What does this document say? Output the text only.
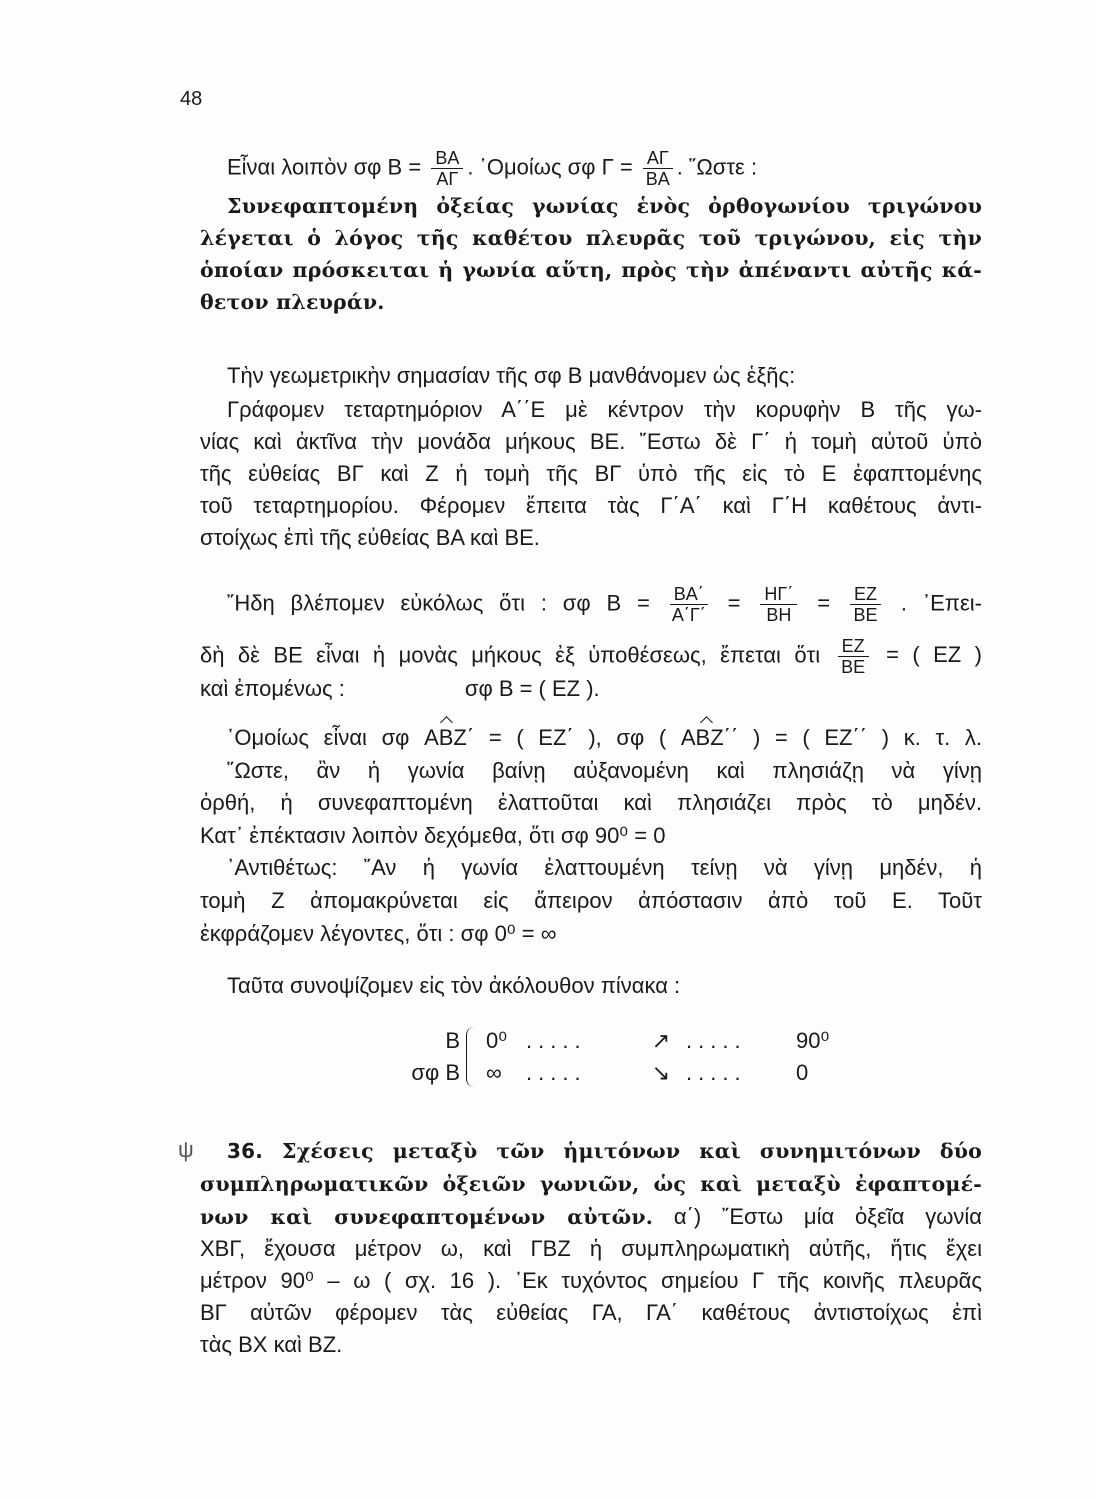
48
Εἶναι λοιπὸν σφ $B = \frac{BA}{A\Gamma}$ . ῾Ομοίως σφ $\Gamma = \frac{A\Gamma}{BA}$ . ῞Ωστε :
Συνεφαπτομένη ὀξείας γωνίας ἑνὸς ὀρθογωνίου τριγώνου
λέγεται ὁ λόγος τῆς καθέτου πλευρᾶς τοῦ τριγώνου, εἰς τὴν
ὁποίαν πρόσκειται ἡ γωνία αὕτη, πρὸς τὴν ἀπέναντι αὐτῆς κά-
θετον πλευράν.
Τὴν γεωμετρικὴν σημασίαν τῆς σφ Β μανθάνομεν ὡς ἑξῆς:
Γράφομεν τεταρτημόριον Α΄΄Ε μὲ κέντρον τὴν κορυφὴν Β τῆς γω-
νίας καὶ ἀκτῖνα τὴν μονάδα μήκους ΒΕ. ῎Εστω δὲ Γ΄ ἡ τομὴ αὐτοῦ ὑπὸ
τῆς εὐθείας ΒΓ καὶ Ζ ἡ τομὴ τῆς ΒΓ ὑπὸ τῆς εἰς τὸ Ε ἐφαπτομένης
τοῦ τεταρτημορίου. Φέρομεν ἔπειτα τὰς Γ΄Α΄ καὶ Γ΄Η καθέτους ἀντι-
στοίχως ἐπὶ τῆς εὐθείας ΒΑ καὶ ΒΕ.
῎Ηδη βλέπομεν εὐκόλως ὅτι : σφ $B = \frac{BA΄}{A΄\Gamma΄} = \frac{H\Gamma΄}{BH} = \frac{EZ}{BE}$ . ᾿Επει-
δὴ δὲ ΒΕ εἶναι ἡ μονὰς μήκους ἐξ ὑποθέσεως, ἔπεται ὅτι $\frac{EZ}{BE}$ = ( ΕΖ )
καὶ ἐπομένως :	σφ Β = ( ΕΖ ).
῾Ομοίως εἶναι σφ ΑΒΖ΄ = ( ΕΖ΄ ), σφ ( ΑΒΖ΄΄ ) = ( ΕΖ΄΄ ) κ. τ. λ.
῞Ωστε, ἂν ἡ γωνία βαίνῃ αὐξανομένη καὶ πλησιάζῃ νὰ γίνῃ
ὀρθή, ἡ συνεφαπτομένη ἐλαττοῦται καὶ πλησιάζει πρὸς τὸ μηδέν.
Κατ᾿ ἐπέκτασιν λοιπὸν δεχόμεθα, ὅτι σφ 90⁰ = 0
᾿Αντιθέτως: ῎Αν ἡ γωνία ἐλαττουμένη τείνῃ νὰ γίνῃ μηδέν, ἡ
τομὴ Ζ ἀπομακρύνεται εἰς ἄπειρον ἀπόστασιν ἀπὸ τοῦ Ε. Τοῦτ
ἐκφράζομεν λέγοντες, ὅτι : σφ 0⁰ = ∞
Ταῦτα συνοψίζομεν εἰς τὸν ἀκόλουθον πίνακα :
Β 0⁰ .....	↗ .....	90⁰
σφ Β ∞	.....	↘ .....	0
ψ 36. Σχέσεις μεταξὺ τῶν ἡμιτόνων καὶ συνημιτόνων δύο
συμπληρωματικῶν ὀξειῶν γωνιῶν, ὡς καὶ μεταξὺ ἐφαπτομέ-
νων καὶ συνεφαπτομένων αὐτῶν. α΄) ῎Εστω μία ὀξεῖα γωνία
ΧΒΓ, ἔχουσα μέτρον ω, καὶ ΓΒΖ ἡ συμπληρωματικὴ αὐτῆς, ἥτις ἔχει
μέτρον 90⁰ – ω ( σχ. 16 ). ᾿Εκ τυχόντος σημείου Γ τῆς κοινῆς πλευρᾶς
ΒΓ αὐτῶν φέρομεν τὰς εὐθείας ΓΑ, ΓΑ΄ καθέτους ἀντιστοίχως ἐπὶ
τὰς ΒΧ καὶ ΒΖ.
